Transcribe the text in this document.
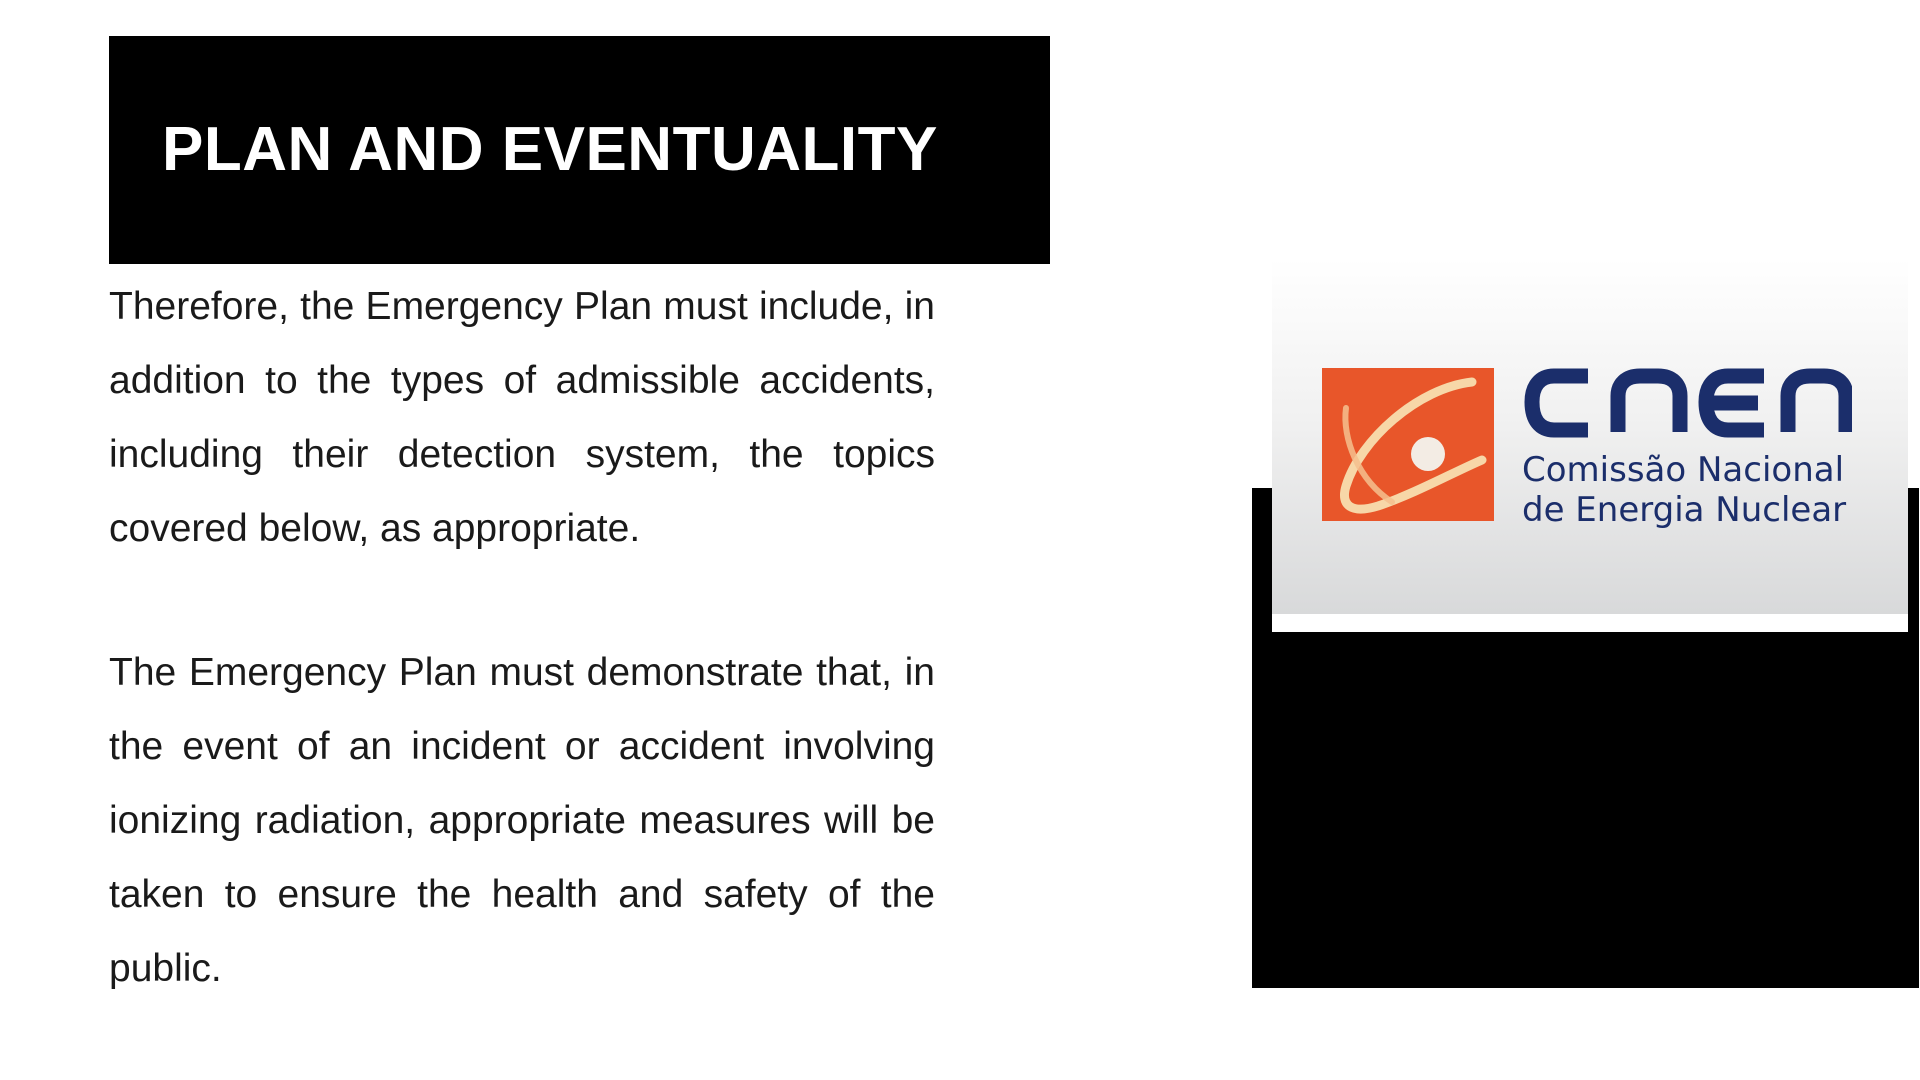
PLAN AND EVENTUALITY

Therefore, the Emergency Plan must include, in addition to the types of admissible accidents, including their detection system, the topics covered below, as appropriate.

The Emergency Plan must demonstrate that, in the event of an incident or accident involving ionizing radiation, appropriate measures will be taken to ensure the health and safety of the public.

Comissão Nacional
de Energia Nuclear
